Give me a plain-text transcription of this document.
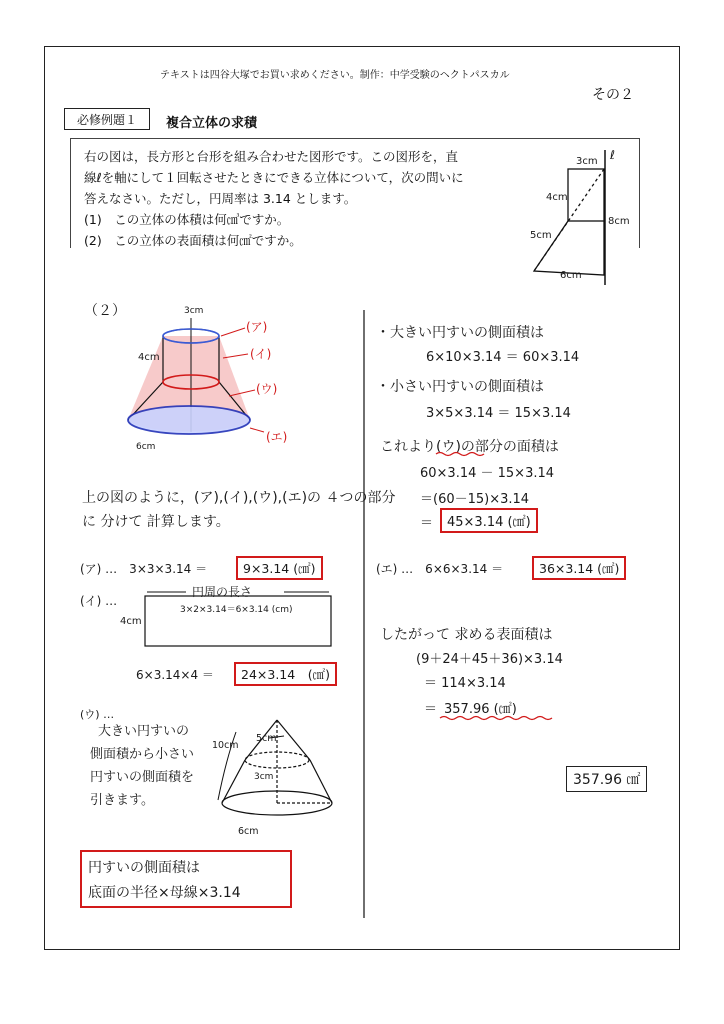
テキストは四谷大塚でお買い求めください。制作：中学受験のヘクトパスカル
その２
必修例題１	複合立体の求積
右の図は，長方形と台形を組み合わせた図形です。この図形を，直
線ℓを軸にして１回転させたときにできる立体について，次の問いに
答えなさい。ただし，円周率は 3.14 とします。
(1)　この立体の体積は何㎤ですか。
(2)　この立体の表面積は何㎠ですか。
ℓ
3cm
4cm
5cm
8cm
6cm
（２）	3cm
4cm
6cm
(ア)
(イ)
(ウ)
(エ)
上の図のように，(ア),(イ),(ウ),(エ)の ４つの部分
に 分けて 計算します。
(ア) …　3×3×3.14 ＝	9×3.14 (㎠)
(イ) …
円周の長さ
3×2×3.14＝6×3.14 (cm)
4cm
6×3.14×4 ＝	24×3.14　(㎠)
(ウ) …
大きい円すいの
側面積から小さい
円すいの側面積を
引きます。
10cm
5cm
3cm
6cm
円すいの側面積は
底面の半径×母線×3.14
・大きい円すいの側面積は
6×10×3.14 ＝ 60×3.14
・小さい円すいの側面積は
3×5×3.14 ＝ 15×3.14
これより(ウ)の部分の面積は
60×3.14 － 15×3.14
＝(60－15)×3.14
＝	45×3.14 (㎠)
(エ) …　6×6×3.14 ＝	36×3.14 (㎠)
したがって 求める表面積は
(9＋24＋45＋36)×3.14
＝ 114×3.14
＝ 357.96 (㎠)
357.96 ㎠
